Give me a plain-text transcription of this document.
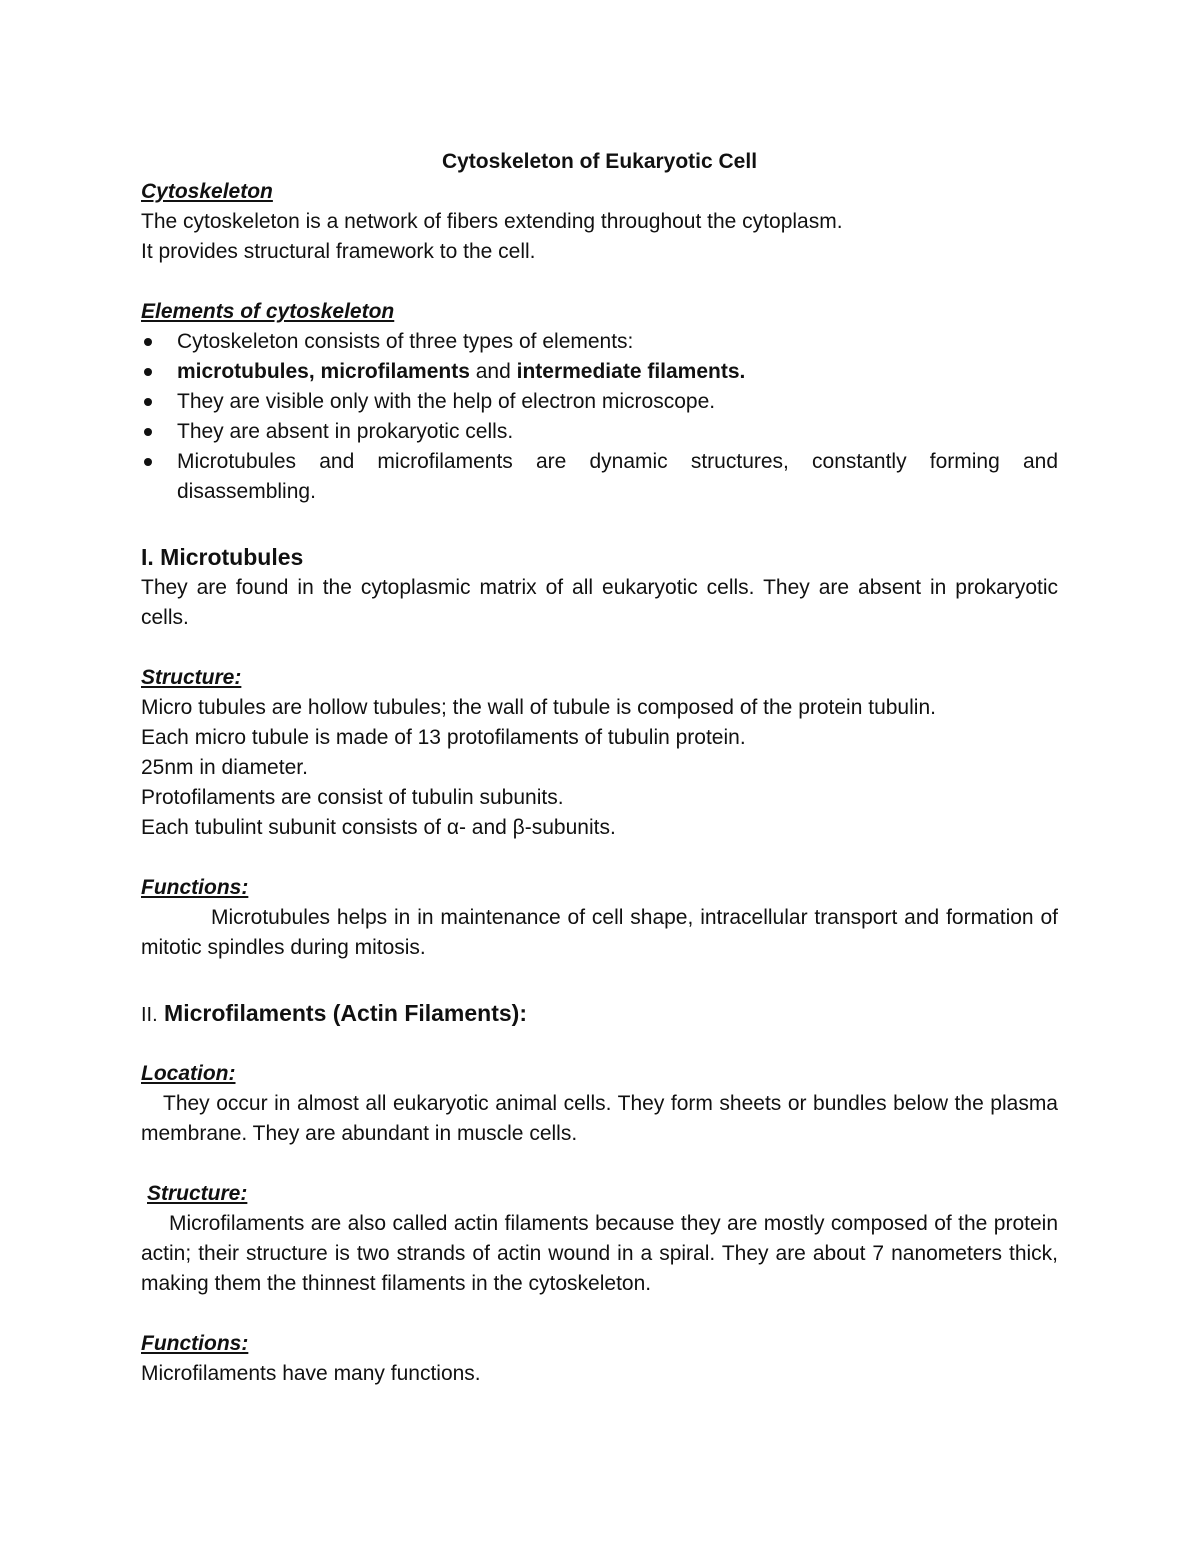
Cytoskeleton of Eukaryotic Cell

Cytoskeleton

The cytoskeleton is a network of fibers extending throughout the cytoplasm.

It provides structural framework to the cell.

Elements of cytoskeleton

Cytoskeleton consists of three types of elements:
microtubules, microfilaments and intermediate filaments.
They are visible only with the help of electron microscope.
They are absent in prokaryotic cells.
Microtubules and microfilaments are dynamic structures, constantly forming and disassembling.
I. Microtubules

They are found in the cytoplasmic matrix of all eukaryotic cells. They are absent in prokaryotic cells.

Structure:

Micro tubules are hollow tubules; the wall of tubule is composed of the protein tubulin.

Each micro tubule is made of 13 protofilaments of tubulin protein.

25nm in diameter.

Protofilaments are consist of tubulin subunits.

Each tubulint subunit consists of α- and β-subunits.

Functions:

Microtubules helps in in maintenance of cell shape, intracellular transport and formation of mitotic spindles during mitosis.

II. Microfilaments (Actin Filaments):

Location:

They occur in almost all eukaryotic animal cells. They form sheets or bundles below the plasma membrane. They are abundant in muscle cells.

Structure:

Microfilaments are also called actin filaments because they are mostly composed of the protein actin; their structure is two strands of actin wound in a spiral. They are about 7 nanometers thick, making them the thinnest filaments in the cytoskeleton.

Functions:

Microfilaments have many functions.
